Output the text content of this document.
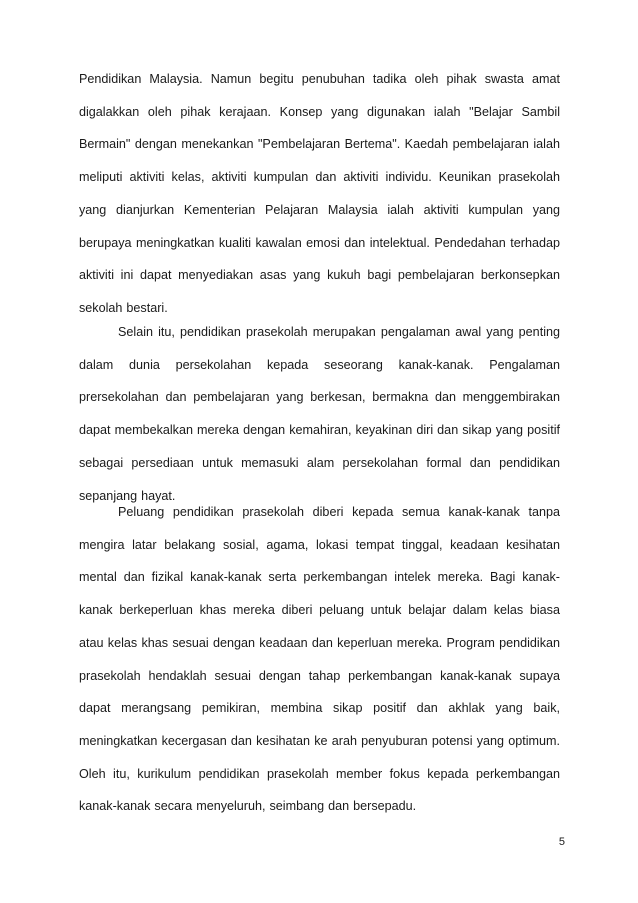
Pendidikan Malaysia. Namun begitu penubuhan tadika oleh pihak swasta amat digalakkan oleh pihak kerajaan. Konsep yang digunakan ialah "Belajar Sambil Bermain" dengan menekankan "Pembelajaran Bertema". Kaedah pembelajaran ialah meliputi aktiviti kelas, aktiviti kumpulan dan aktiviti individu. Keunikan prasekolah yang dianjurkan Kementerian Pelajaran Malaysia ialah aktiviti kumpulan yang berupaya meningkatkan kualiti kawalan emosi dan intelektual. Pendedahan terhadap aktiviti ini dapat menyediakan asas yang kukuh bagi pembelajaran berkonsepkan sekolah bestari.

Selain itu, pendidikan prasekolah merupakan pengalaman awal yang penting dalam dunia persekolahan kepada seseorang kanak-kanak. Pengalaman prersekolahan dan pembelajaran yang berkesan, bermakna dan menggembirakan dapat membekalkan mereka dengan kemahiran, keyakinan diri dan sikap yang positif sebagai persediaan untuk memasuki alam persekolahan formal dan pendidikan sepanjang hayat.

Peluang pendidikan prasekolah diberi kepada semua kanak-kanak tanpa mengira latar belakang sosial, agama, lokasi tempat tinggal, keadaan kesihatan mental dan fizikal kanak-kanak serta perkembangan intelek mereka. Bagi kanak-kanak berkeperluan khas mereka diberi peluang untuk belajar dalam kelas biasa atau kelas khas sesuai dengan keadaan dan keperluan mereka. Program pendidikan prasekolah hendaklah sesuai dengan tahap perkembangan kanak-kanak supaya dapat merangsang pemikiran, membina sikap positif dan akhlak yang baik, meningkatkan kecergasan dan kesihatan ke arah penyuburan potensi yang optimum. Oleh itu, kurikulum pendidikan prasekolah member fokus kepada perkembangan kanak-kanak secara menyeluruh, seimbang dan bersepadu.

5
